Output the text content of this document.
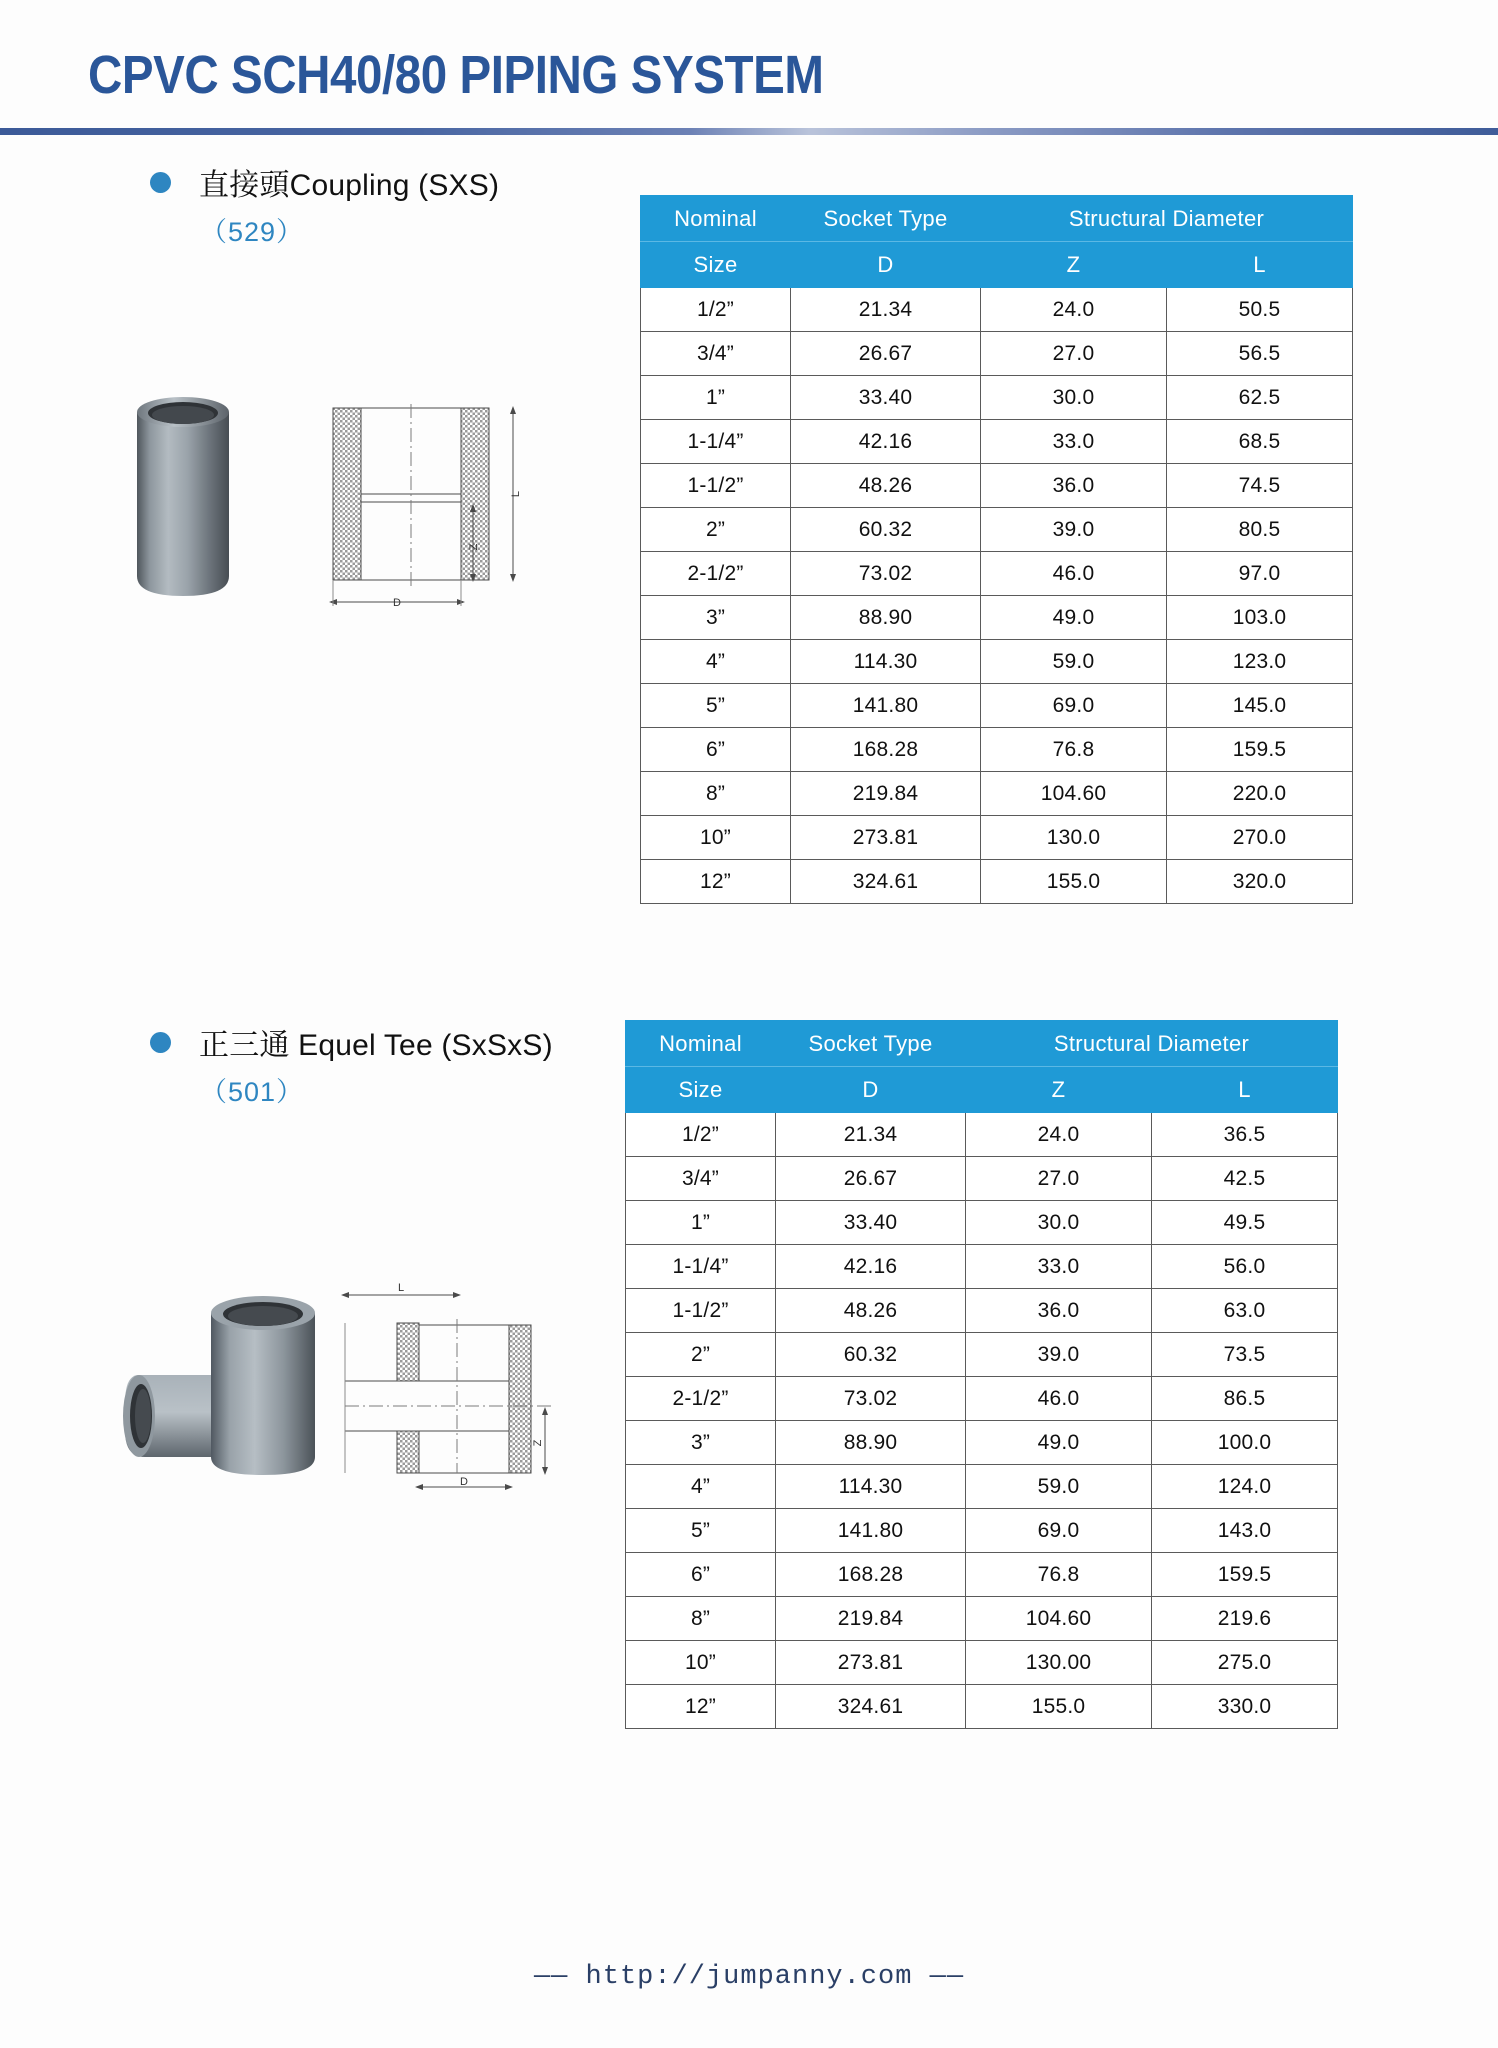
CPVC SCH40/80 PIPING SYSTEM
直接頭Coupling (SXS)
（529）
Z
L
D
Nominal	Socket Type	Structural Diameter	
Size	D	Z	L
1/2”	21.34	24.0	50.5
3/4”	26.67	27.0	56.5
1”	33.40	30.0	62.5
1-1/4”	42.16	33.0	68.5
1-1/2”	48.26	36.0	74.5
2”	60.32	39.0	80.5
2-1/2”	73.02	46.0	97.0
3”	88.90	49.0	103.0
4”	114.30	59.0	123.0
5”	141.80	69.0	145.0
6”	168.28	76.8	159.5
8”	219.84	104.60	220.0
10”	273.81	130.0	270.0
12”	324.61	155.0	320.0
正三通 Equel Tee (SxSxS)
（501）
L
Z
D
Nominal	Socket Type	Structural Diameter	
Size	D	Z	L
1/2”	21.34	24.0	36.5
3/4”	26.67	27.0	42.5
1”	33.40	30.0	49.5
1-1/4”	42.16	33.0	56.0
1-1/2”	48.26	36.0	63.0
2”	60.32	39.0	73.5
2-1/2”	73.02	46.0	86.5
3”	88.90	49.0	100.0
4”	114.30	59.0	124.0
5”	141.80	69.0	143.0
6”	168.28	76.8	159.5
8”	219.84	104.60	219.6
10”	273.81	130.00	275.0
12”	324.61	155.0	330.0
—— http://jumpanny.com ——
